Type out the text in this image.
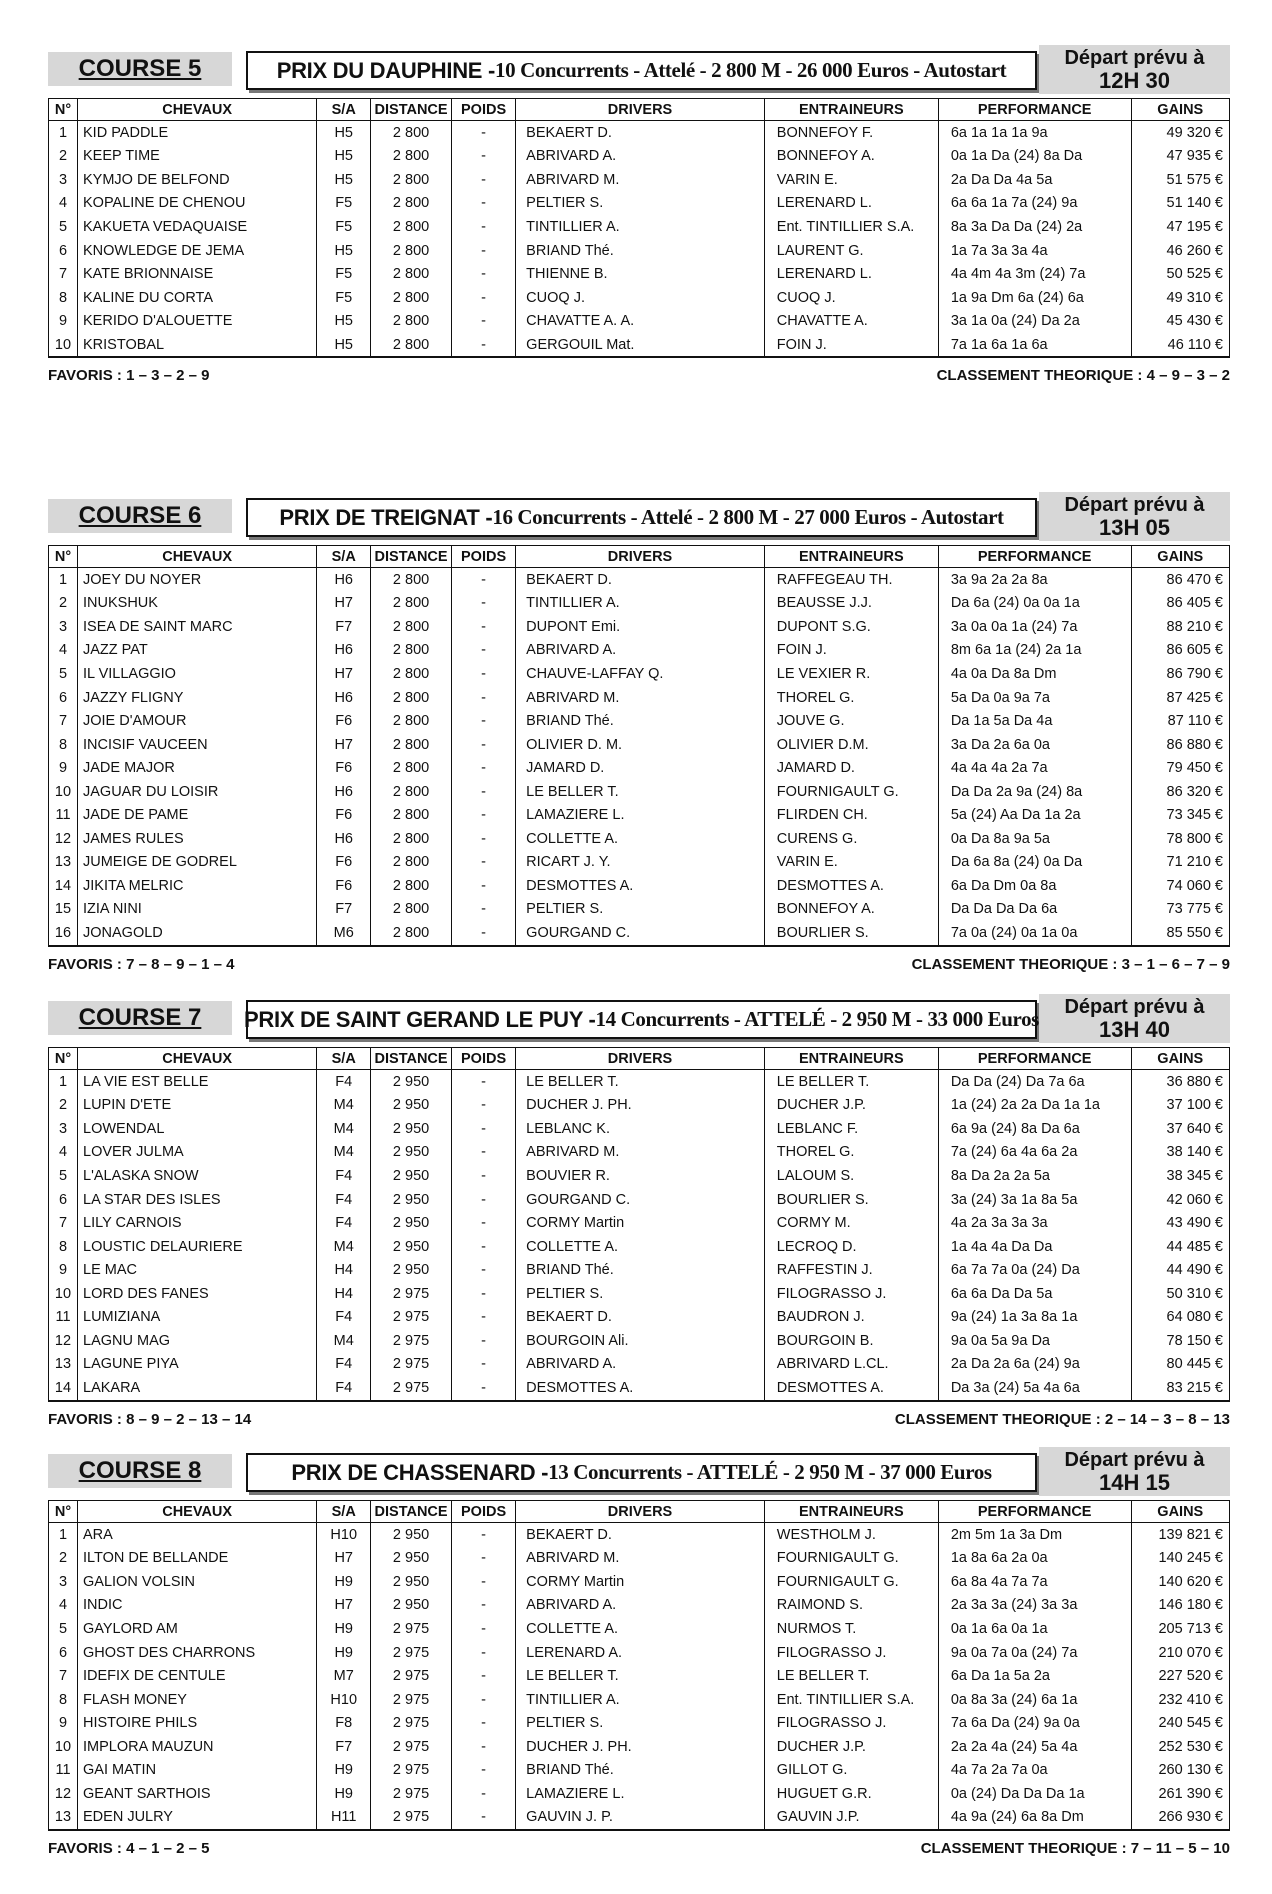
COURSE 5	PRIX DU DAUPHINE - 10 Concurrents - Attelé - 2 800 M - 26 000 Euros - Autostart	Départ prévu à
12H 30
N°	CHEVAUX	S/A	DISTANCE	POIDS	DRIVERS	ENTRAINEURS	PERFORMANCE	GAINS
1	KID PADDLE	H5	2 800	-	BEKAERT D.	BONNEFOY F.	6a 1a 1a 1a 9a	49 320 €
2	KEEP TIME	H5	2 800	-	ABRIVARD A.	BONNEFOY A.	0a 1a Da (24) 8a Da	47 935 €
3	KYMJO DE BELFOND	H5	2 800	-	ABRIVARD M.	VARIN E.	2a Da Da 4a 5a	51 575 €
4	KOPALINE DE CHENOU	F5	2 800	-	PELTIER S.	LERENARD L.	6a 6a 1a 7a (24) 9a	51 140 €
5	KAKUETA VEDAQUAISE	F5	2 800	-	TINTILLIER A.	Ent. TINTILLIER S.A.	8a 3a Da Da (24) 2a	47 195 €
6	KNOWLEDGE DE JEMA	H5	2 800	-	BRIAND Thé.	LAURENT G.	1a 7a 3a 3a 4a	46 260 €
7	KATE BRIONNAISE	F5	2 800	-	THIENNE B.	LERENARD L.	4a 4m 4a 3m (24) 7a	50 525 €
8	KALINE DU CORTA	F5	2 800	-	CUOQ J.	CUOQ J.	1a 9a Dm 6a (24) 6a	49 310 €
9	KERIDO D'ALOUETTE	H5	2 800	-	CHAVATTE A. A.	CHAVATTE A.	3a 1a 0a (24) Da 2a	45 430 €
10	KRISTOBAL	H5	2 800	-	GERGOUIL Mat.	FOIN J.	7a 1a 6a 1a 6a	46 110 €
FAVORIS : 1 – 3 – 2 – 9	CLASSEMENT THEORIQUE : 4 – 9 – 3 – 2
COURSE 6	PRIX DE TREIGNAT - 16 Concurrents - Attelé - 2 800 M - 27 000 Euros - Autostart	Départ prévu à
13H 05
N°	CHEVAUX	S/A	DISTANCE	POIDS	DRIVERS	ENTRAINEURS	PERFORMANCE	GAINS
1	JOEY DU NOYER	H6	2 800	-	BEKAERT D.	RAFFEGEAU TH.	3a 9a 2a 2a 8a	86 470 €
2	INUKSHUK	H7	2 800	-	TINTILLIER A.	BEAUSSE J.J.	Da 6a (24) 0a 0a 1a	86 405 €
3	ISEA DE SAINT MARC	F7	2 800	-	DUPONT Emi.	DUPONT S.G.	3a 0a 0a 1a (24) 7a	88 210 €
4	JAZZ PAT	H6	2 800	-	ABRIVARD A.	FOIN J.	8m 6a 1a (24) 2a 1a	86 605 €
5	IL VILLAGGIO	H7	2 800	-	CHAUVE-LAFFAY Q.	LE VEXIER R.	4a 0a Da 8a Dm	86 790 €
6	JAZZY FLIGNY	H6	2 800	-	ABRIVARD M.	THOREL G.	5a Da 0a 9a 7a	87 425 €
7	JOIE D'AMOUR	F6	2 800	-	BRIAND Thé.	JOUVE G.	Da 1a 5a Da 4a	87 110 €
8	INCISIF VAUCEEN	H7	2 800	-	OLIVIER D. M.	OLIVIER D.M.	3a Da 2a 6a 0a	86 880 €
9	JADE MAJOR	F6	2 800	-	JAMARD D.	JAMARD D.	4a 4a 4a 2a 7a	79 450 €
10	JAGUAR DU LOISIR	H6	2 800	-	LE BELLER T.	FOURNIGAULT G.	Da Da 2a 9a (24) 8a	86 320 €
11	JADE DE PAME	F6	2 800	-	LAMAZIERE L.	FLIRDEN CH.	5a (24) Aa Da 1a 2a	73 345 €
12	JAMES RULES	H6	2 800	-	COLLETTE A.	CURENS G.	0a Da 8a 9a 5a	78 800 €
13	JUMEIGE DE GODREL	F6	2 800	-	RICART J. Y.	VARIN E.	Da 6a 8a (24) 0a Da	71 210 €
14	JIKITA MELRIC	F6	2 800	-	DESMOTTES A.	DESMOTTES A.	6a Da Dm 0a 8a	74 060 €
15	IZIA NINI	F7	2 800	-	PELTIER S.	BONNEFOY A.	Da Da Da Da 6a	73 775 €
16	JONAGOLD	M6	2 800	-	GOURGAND C.	BOURLIER S.	7a 0a (24) 0a 1a 0a	85 550 €
FAVORIS : 7 – 8 – 9 – 1 – 4	CLASSEMENT THEORIQUE : 3 – 1 – 6 – 7 – 9
COURSE 7 PRIX DE SAINT GERAND LE PUY - 14 Concurrents - ATTELÉ - 2 950 M - 33 000 Euros	Départ prévu à
13H 40
N°	CHEVAUX	S/A	DISTANCE	POIDS	DRIVERS	ENTRAINEURS	PERFORMANCE	GAINS
1	LA VIE EST BELLE	F4	2 950	-	LE BELLER T.	LE BELLER T.	Da Da (24) Da 7a 6a	36 880 €
2	LUPIN D'ETE	M4	2 950	-	DUCHER J. PH.	DUCHER J.P.	1a (24) 2a 2a Da 1a 1a	37 100 €
3	LOWENDAL	M4	2 950	-	LEBLANC K.	LEBLANC F.	6a 9a (24) 8a Da 6a	37 640 €
4	LOVER JULMA	M4	2 950	-	ABRIVARD M.	THOREL G.	7a (24) 6a 4a 6a 2a	38 140 €
5	L'ALASKA SNOW	F4	2 950	-	BOUVIER R.	LALOUM S.	8a Da 2a 2a 5a	38 345 €
6	LA STAR DES ISLES	F4	2 950	-	GOURGAND C.	BOURLIER S.	3a (24) 3a 1a 8a 5a	42 060 €
7	LILY CARNOIS	F4	2 950	-	CORMY Martin	CORMY M.	4a 2a 3a 3a 3a	43 490 €
8	LOUSTIC DELAURIERE	M4	2 950	-	COLLETTE A.	LECROQ D.	1a 4a 4a Da Da	44 485 €
9	LE MAC	H4	2 950	-	BRIAND Thé.	RAFFESTIN J.	6a 7a 7a 0a (24) Da	44 490 €
10	LORD DES FANES	H4	2 975	-	PELTIER S.	FILOGRASSO J.	6a 6a Da Da 5a	50 310 €
11	LUMIZIANA	F4	2 975	-	BEKAERT D.	BAUDRON J.	9a (24) 1a 3a 8a 1a	64 080 €
12	LAGNU MAG	M4	2 975	-	BOURGOIN Ali.	BOURGOIN B.	9a 0a 5a 9a Da	78 150 €
13	LAGUNE PIYA	F4	2 975	-	ABRIVARD A.	ABRIVARD L.CL.	2a Da 2a 6a (24) 9a	80 445 €
14	LAKARA	F4	2 975	-	DESMOTTES A.	DESMOTTES A.	Da 3a (24) 5a 4a 6a	83 215 €
FAVORIS : 8 – 9 – 2 – 13 – 14	CLASSEMENT THEORIQUE : 2 – 14 – 3 – 8 – 13
COURSE 8	PRIX DE CHASSENARD - 13 Concurrents - ATTELÉ - 2 950 M - 37 000 Euros	Départ prévu à
14H 15
N°	CHEVAUX	S/A	DISTANCE	POIDS	DRIVERS	ENTRAINEURS	PERFORMANCE	GAINS
1	ARA	H10	2 950	-	BEKAERT D.	WESTHOLM J.	2m 5m 1a 3a Dm	139 821 €
2	ILTON DE BELLANDE	H7	2 950	-	ABRIVARD M.	FOURNIGAULT G.	1a 8a 6a 2a 0a	140 245 €
3	GALION VOLSIN	H9	2 950	-	CORMY Martin	FOURNIGAULT G.	6a 8a 4a 7a 7a	140 620 €
4	INDIC	H7	2 950	-	ABRIVARD A.	RAIMOND S.	2a 3a 3a (24) 3a 3a	146 180 €
5	GAYLORD AM	H9	2 975	-	COLLETTE A.	NURMOS T.	0a 1a 6a 0a 1a	205 713 €
6	GHOST DES CHARRONS	H9	2 975	-	LERENARD A.	FILOGRASSO J.	9a 0a 7a 0a (24) 7a	210 070 €
7	IDEFIX DE CENTULE	M7	2 975	-	LE BELLER T.	LE BELLER T.	6a Da 1a 5a 2a	227 520 €
8	FLASH MONEY	H10	2 975	-	TINTILLIER A.	Ent. TINTILLIER S.A.	0a 8a 3a (24) 6a 1a	232 410 €
9	HISTOIRE PHILS	F8	2 975	-	PELTIER S.	FILOGRASSO J.	7a 6a Da (24) 9a 0a	240 545 €
10	IMPLORA MAUZUN	F7	2 975	-	DUCHER J. PH.	DUCHER J.P.	2a 2a 4a (24) 5a 4a	252 530 €
11	GAI MATIN	H9	2 975	-	BRIAND Thé.	GILLOT G.	4a 7a 2a 7a 0a	260 130 €
12	GEANT SARTHOIS	H9	2 975	-	LAMAZIERE L.	HUGUET G.R.	0a (24) Da Da Da 1a	261 390 €
13	EDEN JULRY	H11	2 975	-	GAUVIN J. P.	GAUVIN J.P.	4a 9a (24) 6a 8a Dm	266 930 €
FAVORIS : 4 – 1 – 2 – 5	CLASSEMENT THEORIQUE : 7 – 11 – 5 – 10
